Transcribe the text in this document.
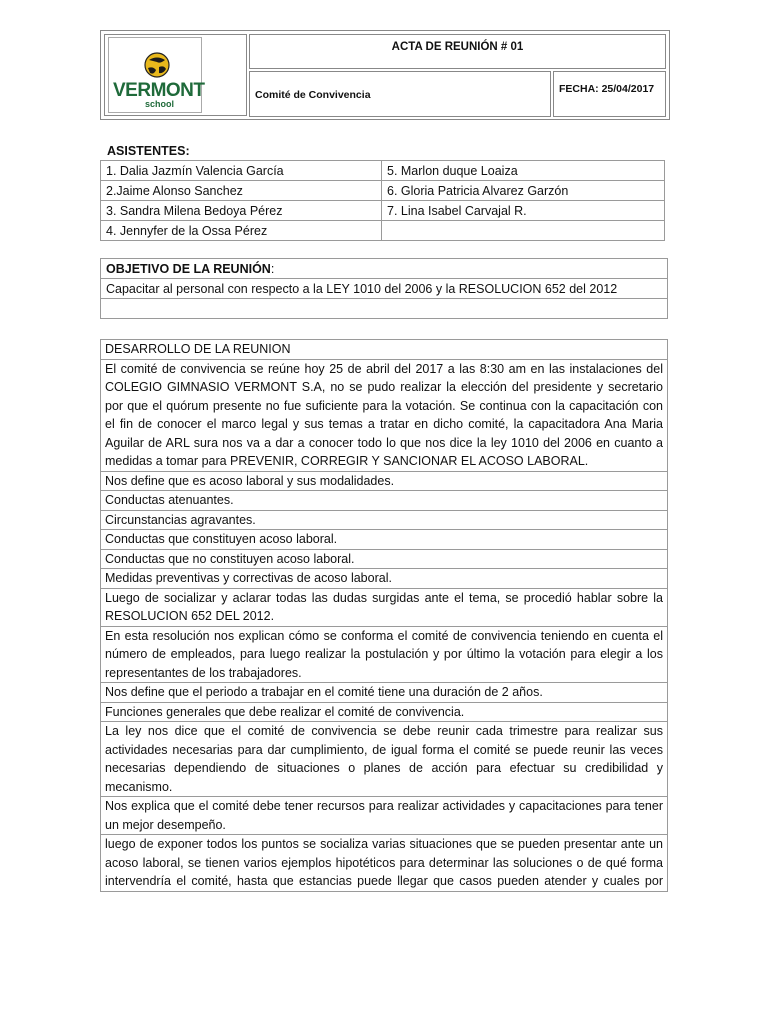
VERMONT
school
ACTA DE REUNIÓN # 01
Comité de Convivencia	FECHA: 25/04/2017
ASISTENTES:
1. Dalia Jazmín Valencia García	5. Marlon duque Loaiza
2.Jaime Alonso Sanchez	6. Gloria Patricia Alvarez Garzón
3. Sandra Milena Bedoya Pérez	7. Lina Isabel Carvajal R.
4. Jennyfer de la Ossa Pérez	
OBJETIVO DE LA REUNIÓN:
Capacitar al personal con respecto a la LEY 1010 del 2006 y la RESOLUCION 652 del 2012

DESARROLLO DE LA REUNION
El comité de convivencia se reúne hoy 25 de abril del 2017 a las 8:30 am en las instalaciones del COLEGIO GIMNASIO VERMONT S.A, no se pudo realizar la elección del presidente y secretario por que el quórum presente no fue suficiente para la votación. Se continua con la capacitación con el fin de conocer el marco legal y sus temas a tratar en dicho comité, la capacitadora Ana Maria Aguilar de ARL sura nos va a dar a conocer todo lo que nos dice la ley 1010 del 2006 en cuanto a medidas a tomar para PREVENIR, CORREGIR Y SANCIONAR EL ACOSO LABORAL.
Nos define que es acoso laboral y sus modalidades.
Conductas atenuantes.
Circunstancias agravantes.
Conductas que constituyen acoso laboral.
Conductas que no constituyen acoso laboral.
Medidas preventivas y correctivas de acoso laboral.
Luego de socializar y aclarar todas las dudas surgidas ante el tema, se procedió hablar sobre la RESOLUCION 652 DEL 2012.
En esta resolución nos explican cómo se conforma el comité de convivencia teniendo en cuenta el número de empleados, para luego realizar la postulación y por último la votación para elegir a los representantes de los trabajadores.
Nos define que el periodo a trabajar en el comité tiene una duración de 2 años.
Funciones generales que debe realizar el comité de convivencia.
La ley nos dice que el comité de convivencia se debe reunir cada trimestre para realizar sus actividades necesarias para dar cumplimiento, de igual forma el comité se puede reunir las veces necesarias dependiendo de situaciones o planes de acción para efectuar su credibilidad y mecanismo.
Nos explica que el comité debe tener recursos para realizar actividades y capacitaciones para tener un mejor desempeño.
luego de exponer todos los puntos se socializa varias situaciones que se pueden presentar ante un acoso laboral, se tienen varios ejemplos hipotéticos para determinar las soluciones o de qué forma intervendría el comité, hasta que estancias puede llegar que casos pueden atender y cuales por
